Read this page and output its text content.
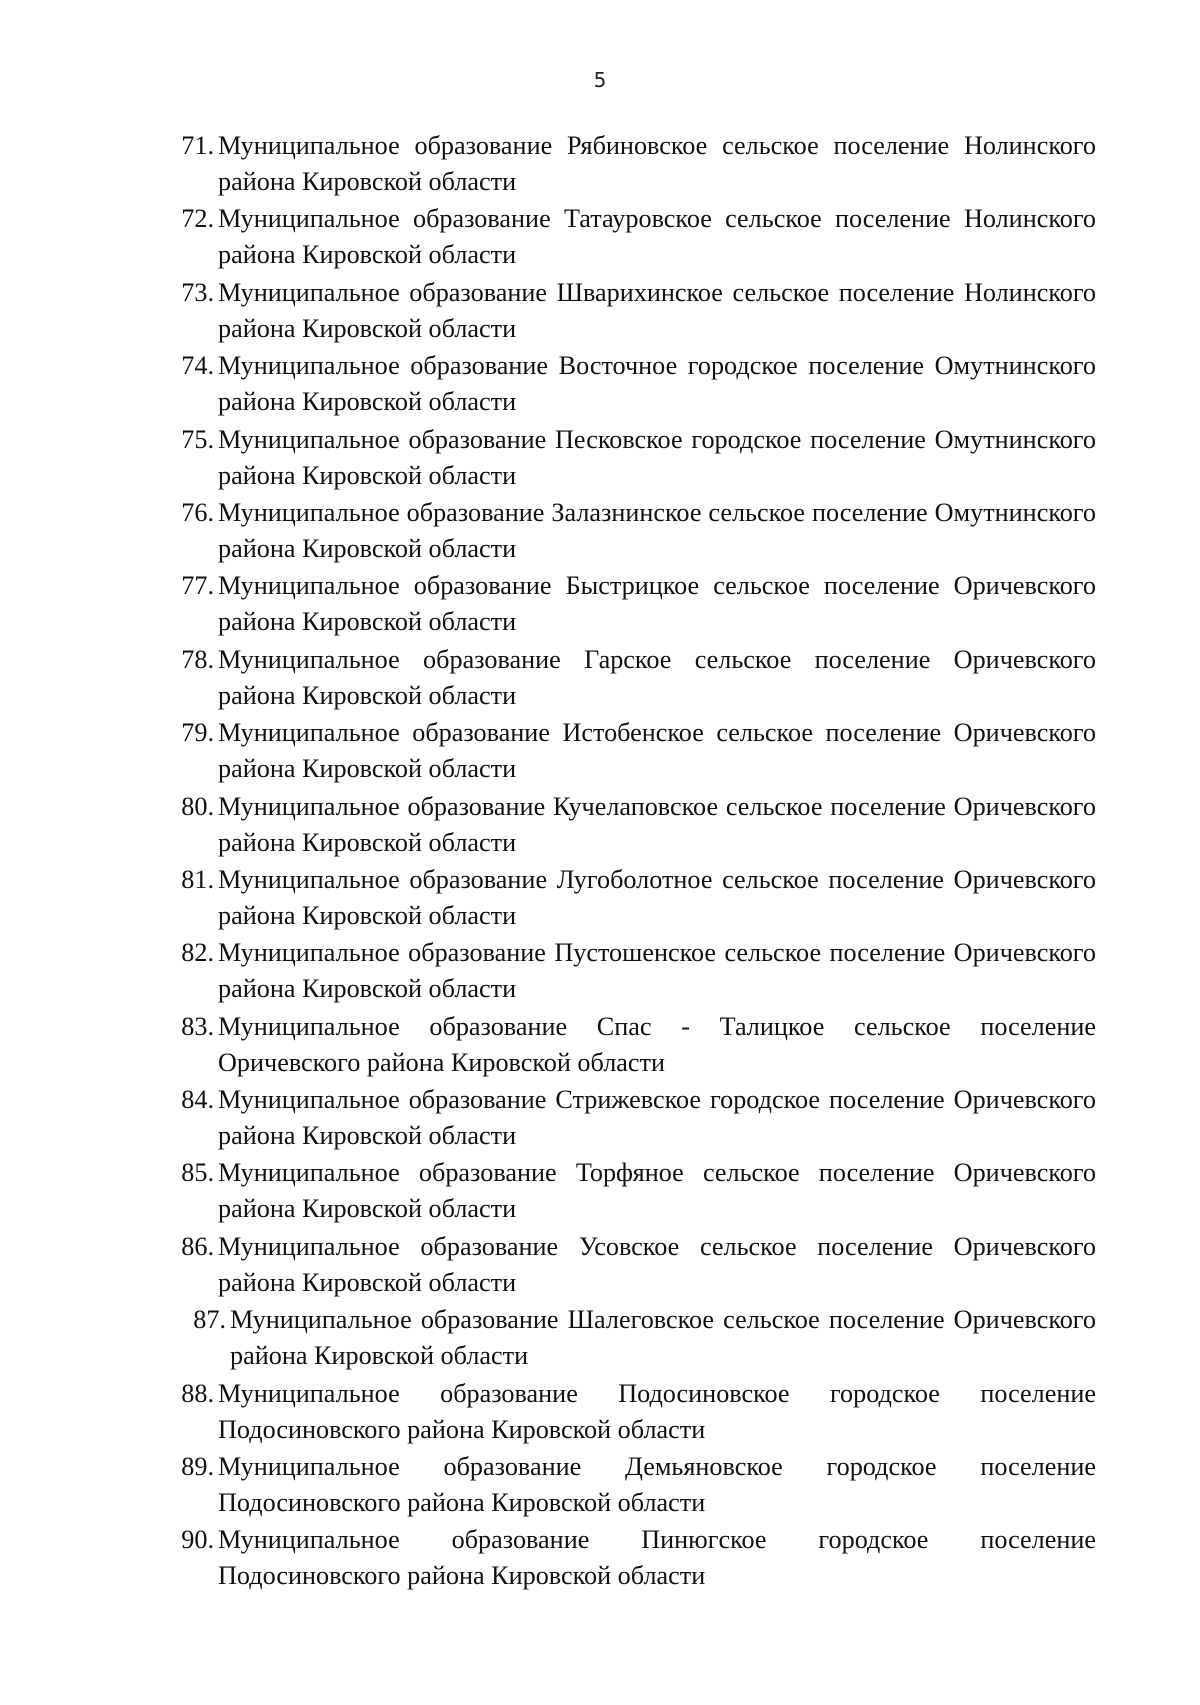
5
71. Муниципальное образование Рябиновское сельское поселение Нолинского района Кировской области
72. Муниципальное образование Татауровское сельское поселение Нолинского района Кировской области
73. Муниципальное образование Шварихинское сельское поселение Нолинского района Кировской области
74. Муниципальное образование Восточное городское поселение Омутнинского района Кировской области
75. Муниципальное образование Песковское городское поселение Омутнинского района Кировской области
76. Муниципальное образование Залазнинское сельское поселение Омутнинского района Кировской области
77. Муниципальное образование Быстрицкое сельское поселение Оричевского района Кировской области
78. Муниципальное образование Гарское сельское поселение Оричевского района Кировской области
79. Муниципальное образование Истобенское сельское поселение Оричевского района Кировской области
80. Муниципальное образование Кучелаповское сельское поселение Оричевского района Кировской области
81. Муниципальное образование Лугоболотное сельское поселение Оричевского района Кировской области
82. Муниципальное образование Пустошенское сельское поселение Оричевского района Кировской области
83. Муниципальное образование Спас - Талицкое сельское поселение Оричевского района Кировской области
84. Муниципальное образование Стрижевское городское поселение Оричевского района Кировской области
85. Муниципальное образование Торфяное сельское поселение Оричевского района Кировской области
86. Муниципальное образование Усовское сельское поселение Оричевского района Кировской области
87. Муниципальное образование Шалеговское сельское поселение Оричевского района Кировской области
88. Муниципальное образование Подосиновское городское поселение Подосиновского района Кировской области
89. Муниципальное образование Демьяновское городское поселение Подосиновского района Кировской области
90. Муниципальное образование Пинюгское городское поселение Подосиновского района Кировской области
